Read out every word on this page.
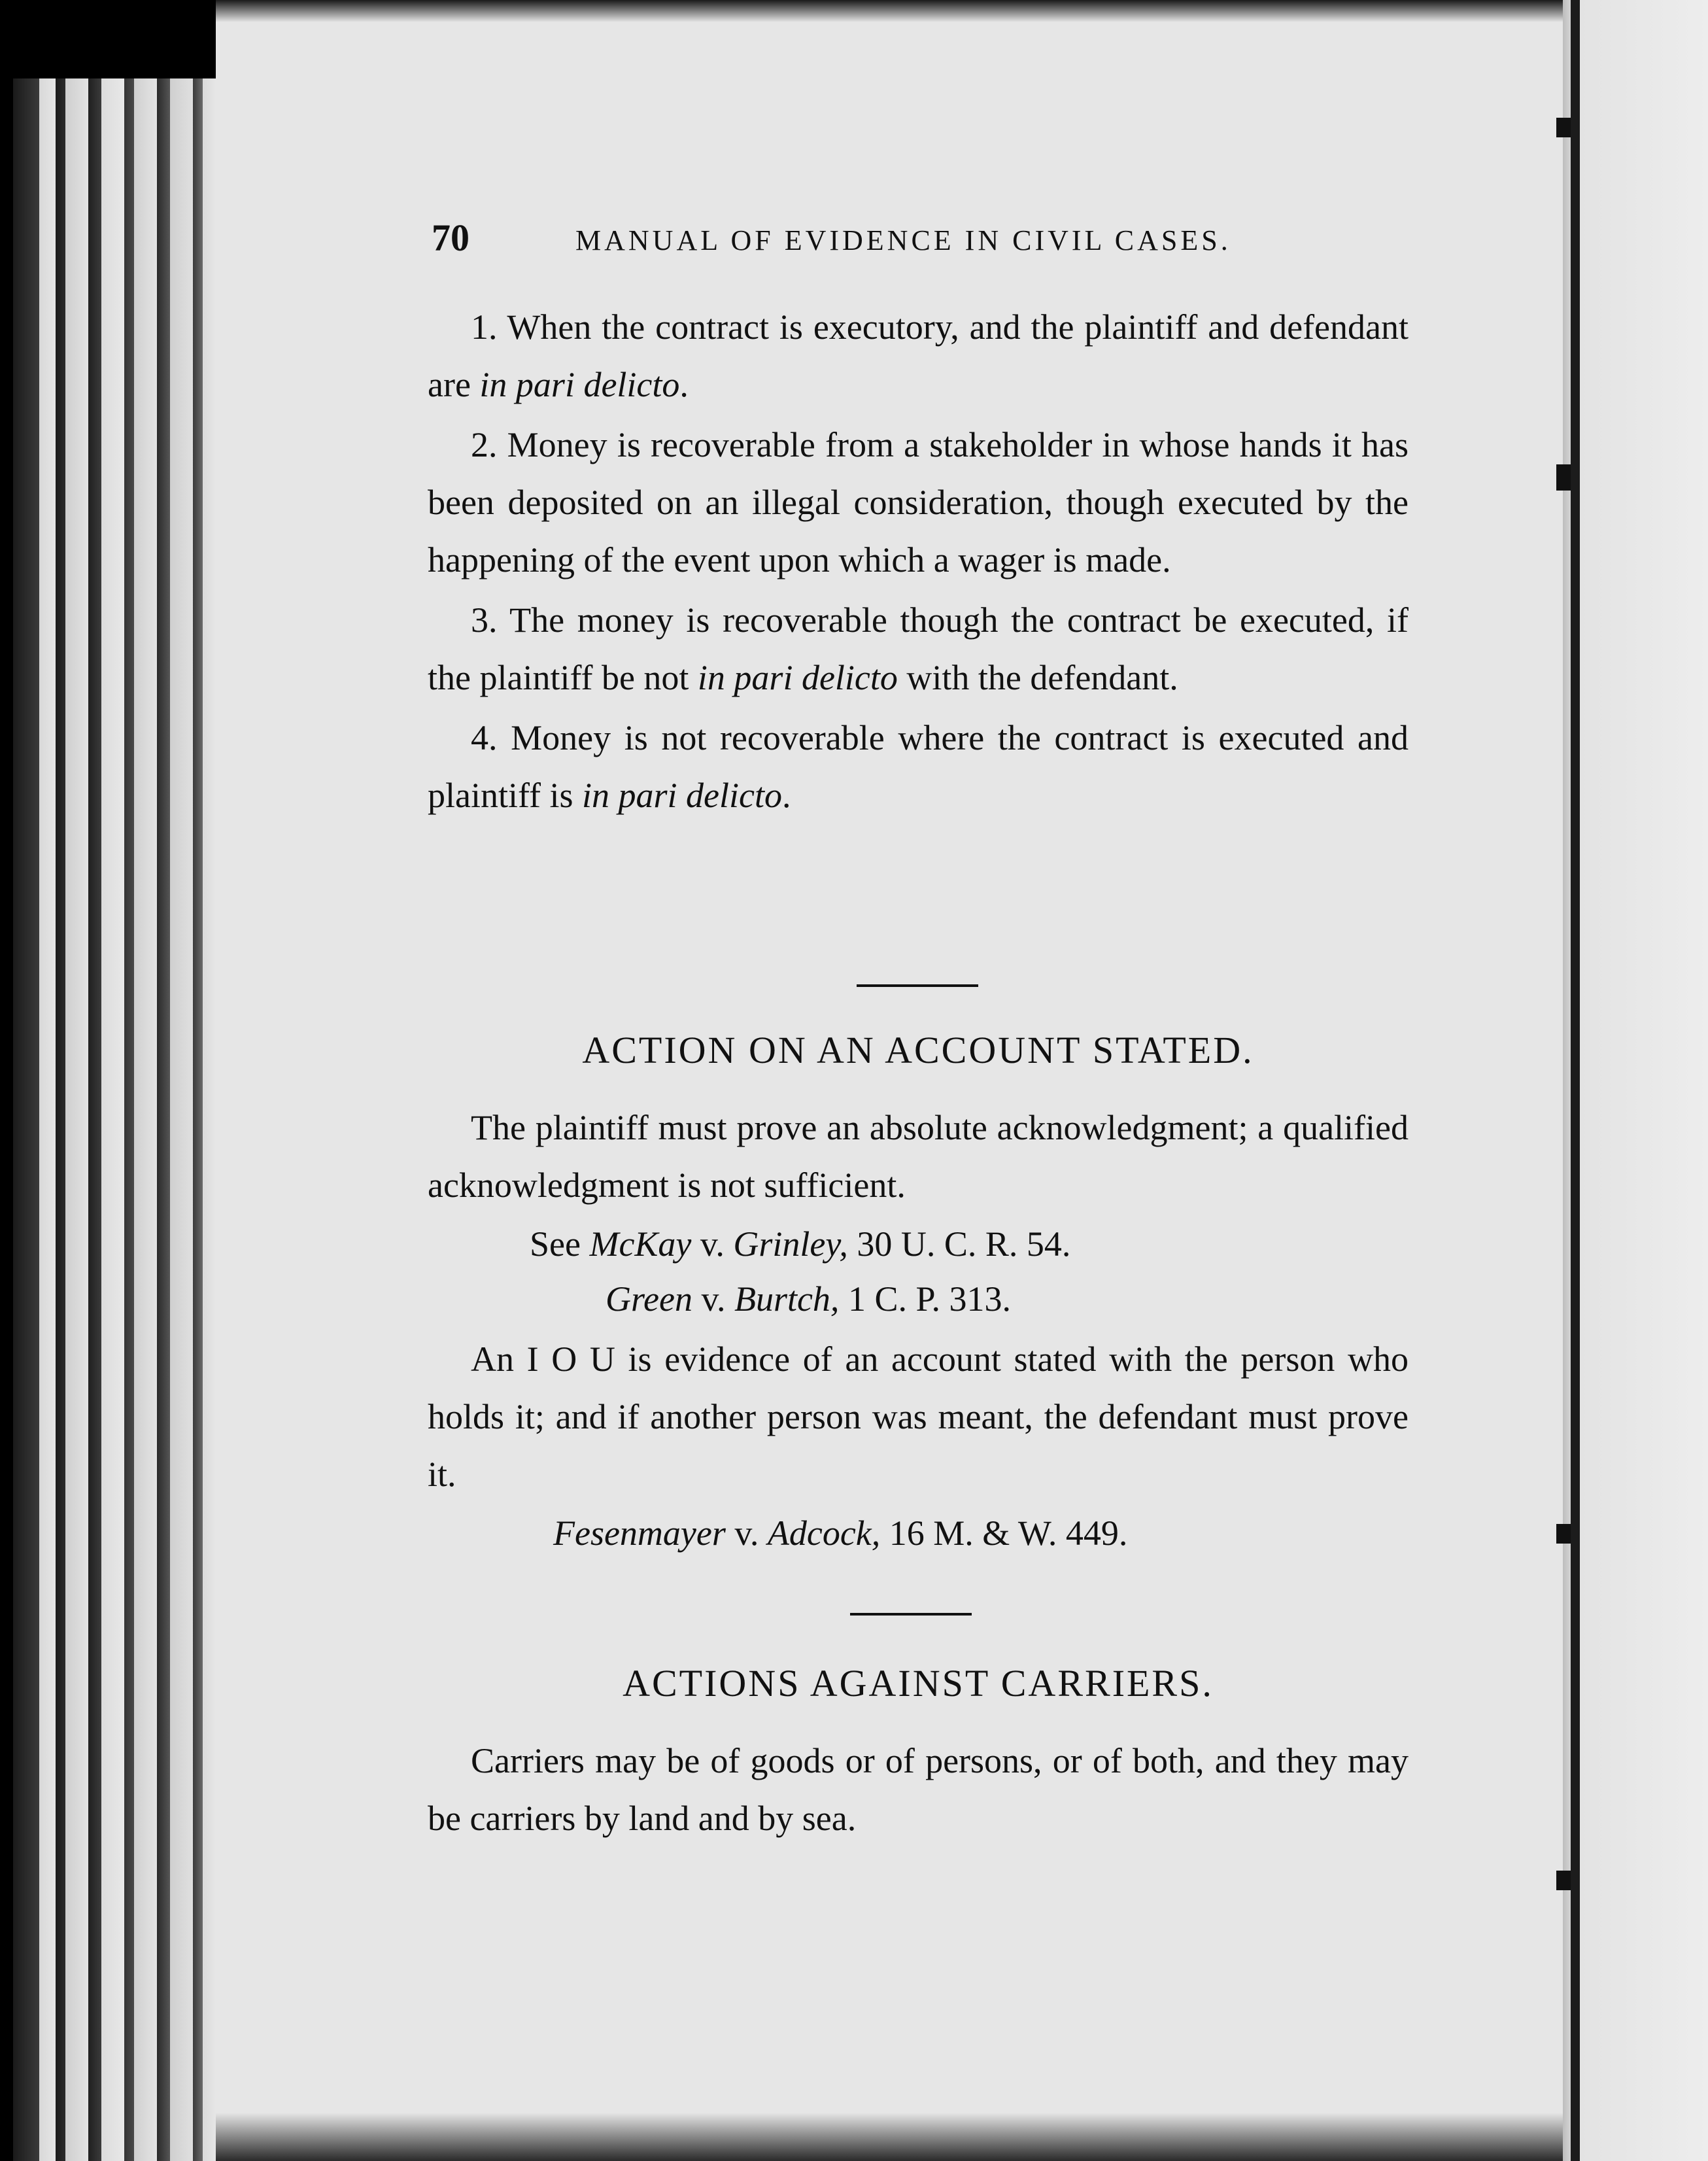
70	MANUAL OF EVIDENCE IN CIVIL CASES.

1. When the contract is executory, and the plaintiff and defendant are in pari delicto.

2. Money is recoverable from a stakeholder in whose hands it has been deposited on an illegal consideration, though executed by the happening of the event upon which a wager is made.

3. The money is recoverable though the contract be executed, if the plaintiff be not in pari delicto with the defendant.

4. Money is not recoverable where the contract is executed and plaintiff is in pari delicto.

ACTION ON AN ACCOUNT STATED.

The plaintiff must prove an absolute acknowledgment; a qualified acknowledgment is not sufficient.

See McKay v. Grinley, 30 U. C. R. 54.
Green v. Burtch, 1 C. P. 313.

An I O U is evidence of an account stated with the person who holds it; and if another person was meant, the defendant must prove it.

Fesenmayer v. Adcock, 16 M. & W. 449.
ACTIONS AGAINST CARRIERS.

Carriers may be of goods or of persons, or of both, and they may be carriers by land and by sea.
